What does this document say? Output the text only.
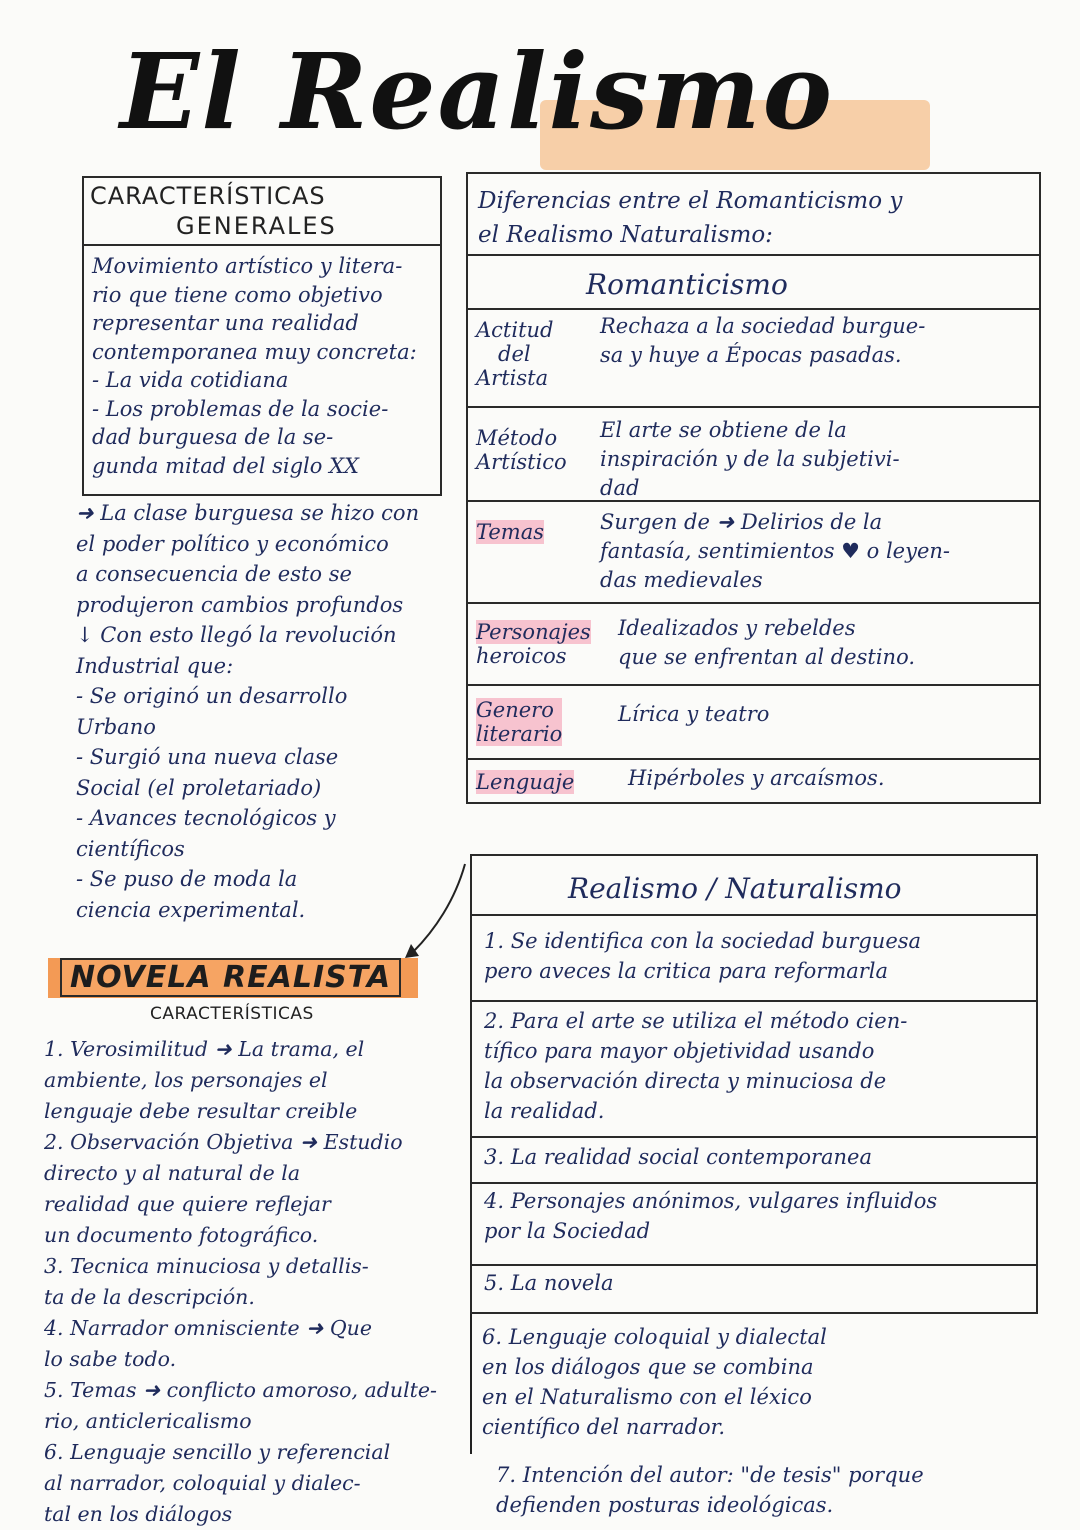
El Realismo
CARACTERÍSTICAS
GENERALES
Movimiento artístico y litera-
rio que tiene como objetivo
representar una realidad
contemporanea muy concreta:
- La vida cotidiana
- Los problemas de la socie-
dad burguesa de la se-
gunda mitad del siglo XX
➜ La clase burguesa se hizo con
el poder político y económico
a consecuencia de esto se
produjeron cambios profundos
↓ Con esto llegó la revolución
Industrial que:
- Se originó un desarrollo
Urbano
- Surgió una nueva clase
Social (el proletariado)
- Avances tecnológicos y
científicos
- Se puso de moda la
ciencia experimental.
NOVELA REALISTA
CARACTERÍSTICAS
1. Verosimilitud ➜ La trama, el
ambiente, los personajes el
lenguaje debe resultar creible
2. Observación Objetiva ➜ Estudio
directo y al natural de la
realidad que quiere reflejar
un documento fotográfico.
3. Tecnica minuciosa y detallis-
ta de la descripción.
4. Narrador omnisciente ➜ Que
lo sabe todo.
5. Temas ➜ conflicto amoroso, adulte-
rio, anticlericalismo
6. Lenguaje sencillo y referencial
al narrador, coloquial y dialec-
tal en los diálogos
Diferencias entre el Romanticismo y
el Realismo Naturalismo:
Romanticismo
Actitud
del
Artista
Rechaza a la sociedad burgue-
sa y huye a Épocas pasadas.
Método
Artístico
El arte se obtiene de la
inspiración y de la subjetivi-
dad
Temas	Surgen de ➜ Delirios de la
fantasía, sentimientos ♥ o leyen-
das medievales
Personajes
heroicos
Idealizados y rebeldes
que se enfrentan al destino.
Genero
literario
Lírica y teatro
Lenguaje	Hipérboles y arcaísmos.
Realismo / Naturalismo
1. Se identifica con la sociedad burguesa
pero aveces la critica para reformarla
2. Para el arte se utiliza el método cien-
tífico para mayor objetividad usando
la observación directa y minuciosa de
la realidad.
3. La realidad social contemporanea
4. Personajes anónimos, vulgares influidos
por la Sociedad
5. La novela
6. Lenguaje coloquial y dialectal
en los diálogos que se combina
en el Naturalismo con el léxico
científico del narrador.
7. Intención del autor: "de tesis" porque
defienden posturas ideológicas.
